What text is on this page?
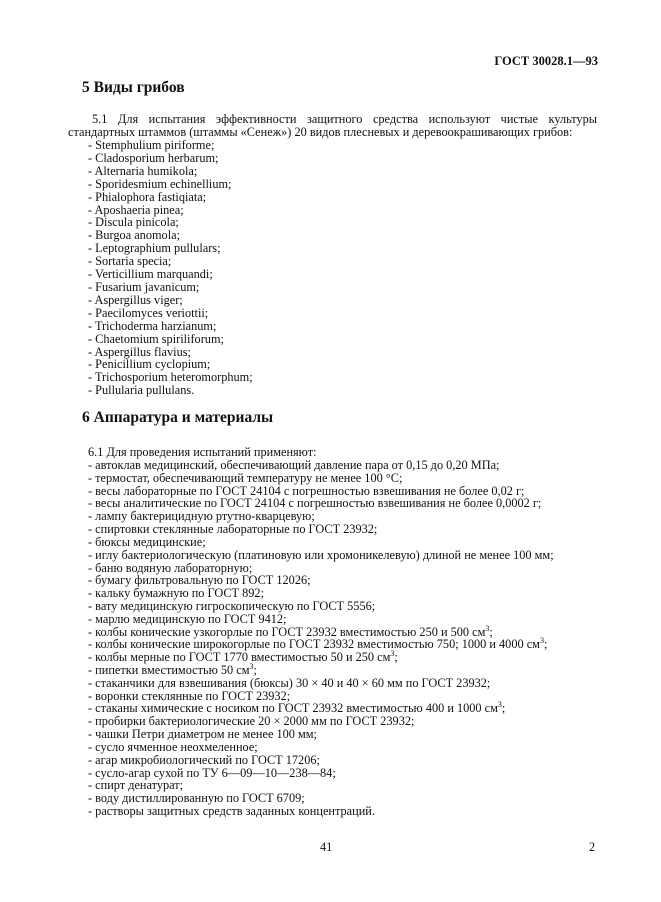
ГОСТ 30028.1—93
5 Виды грибов
5.1 Для испытания эффективности защитного средства используют чистые культуры стандартных штаммов (штаммы «Сенеж») 20 видов плесневых и деревоокрашивающих грибов:
- Stemphulium piriforme;
- Cladosporium herbarum;
- Alternaria humikola;
- Sporidesmium echinellium;
- Phialophora fastiqiata;
- Aposhaeria pinea;
- Discula pinicola;
- Burgoa anomola;
- Leptographium pullulars;
- Sortaria specia;
- Verticillium marquandi;
- Fusarium javanicum;
- Aspergillus viger;
- Paecilomyces veriottii;
- Trichoderma harzianum;
- Chaetomium spiriliforum;
- Aspergillus flavius;
- Penicillium cyclopium;
- Trichosporium heteromorphum;
- Pullularia pullulans.
6 Аппаратура и материалы
6.1 Для проведения испытаний применяют:
- автоклав медицинский, обеспечивающий давление пара от 0,15 до 0,20 МПа;
- термостат, обеспечивающий температуру не менее 100 °С;
- весы лабораторные по ГОСТ 24104 с погрешностью взвешивания не более 0,02 г;
- весы аналитические по ГОСТ 24104 с погрешностью взвешивания не более 0,0002 г;
- лампу бактерицидную ртутно-кварцевую;
- спиртовки стеклянные лабораторные по ГОСТ 23932;
- бюксы медицинские;
- иглу бактериологическую (платиновую или хромоникелевую) длиной не менее 100 мм;
- баню водяную лабораторную;
- бумагу фильтровальную по ГОСТ 12026;
- кальку бумажную по ГОСТ 892;
- вату медицинскую гигроскопическую по ГОСТ 5556;
- марлю медицинскую по ГОСТ 9412;
- колбы конические узкогорлые по ГОСТ 23932 вместимостью 250 и 500 $см^3$;
- колбы конические широкогорлые по ГОСТ 23932 вместимостью 750; 1000 и 4000 $см^3$;
- колбы мерные по ГОСТ 1770 вместимостью 50 и 250 $см^3$;
- пипетки вместимостью 50 $см^3$;
- стаканчики для взвешивания (бюксы) 30 × 40 и 40 × 60 мм по ГОСТ 23932;
- воронки стеклянные по ГОСТ 23932;
- стаканы химические с носиком по ГОСТ 23932 вместимостью 400 и 1000 $см^3$;
- пробирки бактериологические 20 × 2000 мм по ГОСТ 23932;
- чашки Петри диаметром не менее 100 мм;
- сусло ячменное неохмеленное;
- агар микробиологический по ГОСТ 17206;
- сусло-агар сухой по ТУ 6—09—10—238—84;
- спирт денатурат;
- воду дистиллированную по ГОСТ 6709;
- растворы защитных средств заданных концентраций.
41	2
